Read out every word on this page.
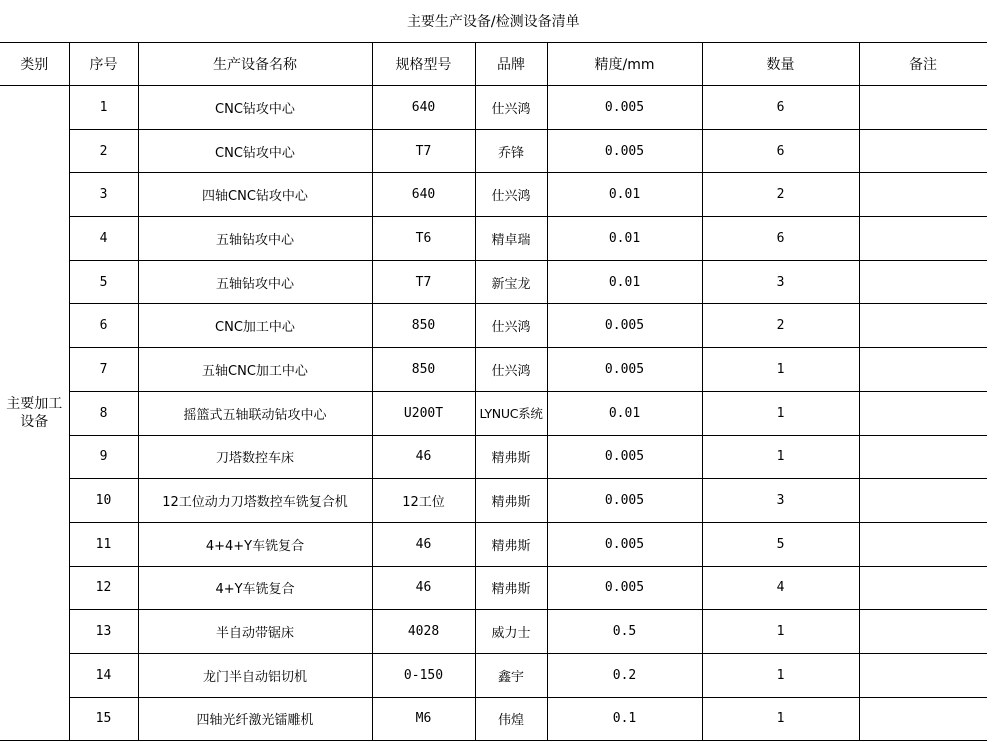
主要生产设备/检测设备清单							
类别	序号	生产设备名称	规格型号	品牌	精度/mm	数量	备注
主要加工设备	1	CNC钻攻中心	640	仕兴鸿	0.005	6	
	2	CNC钻攻中心	T7	乔锋	0.005	6	
	3	四轴CNC钻攻中心	640	仕兴鸿	0.01	2	
	4	五轴钻攻中心	T6	精卓瑞	0.01	6	
	5	五轴钻攻中心	T7	新宝龙	0.01	3	
	6	CNC加工中心	850	仕兴鸿	0.005	2	
	7	五轴CNC加工中心	850	仕兴鸿	0.005	1	
	8	摇篮式五轴联动钻攻中心	U200T	LYNUC系统	0.01	1	
	9	刀塔数控车床	46	精弗斯	0.005	1	
	10	12工位动力刀塔数控车铣复合机	12工位	精弗斯	0.005	3	
	11	4+4+Y车铣复合	46	精弗斯	0.005	5	
	12	4+Y车铣复合	46	精弗斯	0.005	4	
	13	半自动带锯床	4028	威力士	0.5	1	
	14	龙门半自动铝切机	0-150	鑫宇	0.2	1	
	15	四轴光纤激光镭雕机	M6	伟煌	0.1	1	
